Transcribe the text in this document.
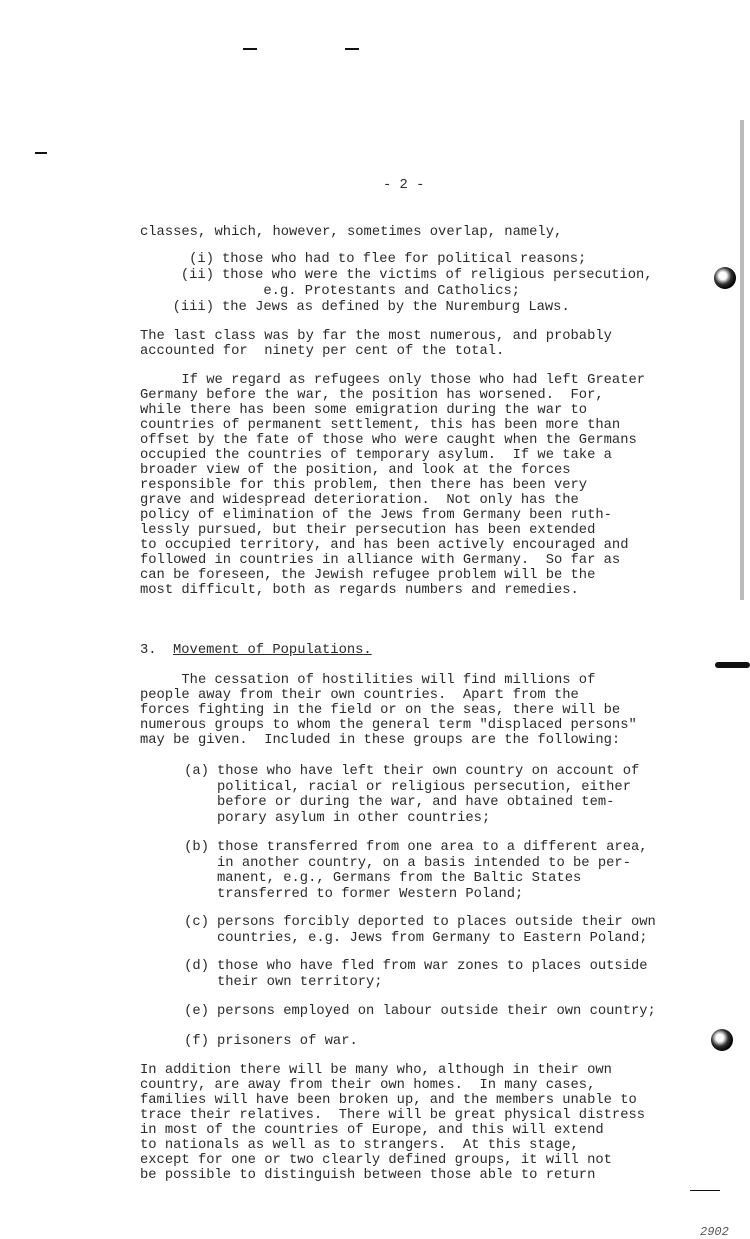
- 2 -
classes, which, however, sometimes overlap, namely,
(i) those who had to flee for political reasons;
(ii) those who were the victims of religious persecution,
e.g. Protestants and Catholics;
(iii) the Jews as defined by the Nuremburg Laws.
The last class was by far the most numerous, and probably
accounted for  ninety per cent of the total.
If we regard as refugees only those who had left Greater
Germany before the war, the position has worsened.  For,
while there has been some emigration during the war to
countries of permanent settlement, this has been more than
offset by the fate of those who were caught when the Germans
occupied the countries of temporary asylum.  If we take a
broader view of the position, and look at the forces
responsible for this problem, then there has been very
grave and widespread deterioration.  Not only has the
policy of elimination of the Jews from Germany been ruth-
lessly pursued, but their persecution has been extended
to occupied territory, and has been actively encouraged and
followed in countries in alliance with Germany.  So far as
can be foreseen, the Jewish refugee problem will be the
most difficult, both as regards numbers and remedies.
3. Movement of Populations.
The cessation of hostilities will find millions of
people away from their own countries.  Apart from the
forces fighting in the field or on the seas, there will be
numerous groups to whom the general term "displaced persons"
may be given.  Included in these groups are the following:
(a) those who have left their own country on account of
political, racial or religious persecution, either
before or during the war, and have obtained tem-
porary asylum in other countries;
(b) those transferred from one area to a different area,
in another country, on a basis intended to be per-
manent, e.g., Germans from the Baltic States
transferred to former Western Poland;
(c) persons forcibly deported to places outside their own
countries, e.g. Jews from Germany to Eastern Poland;
(d) those who have fled from war zones to places outside
their own territory;
(e) persons employed on labour outside their own country;
(f) prisoners of war.
In addition there will be many who, although in their own
country, are away from their own homes.  In many cases,
families will have been broken up, and the members unable to
trace their relatives.  There will be great physical distress
in most of the countries of Europe, and this will extend
to nationals as well as to strangers.  At this stage,
except for one or two clearly defined groups, it will not
be possible to distinguish between those able to return
2902
